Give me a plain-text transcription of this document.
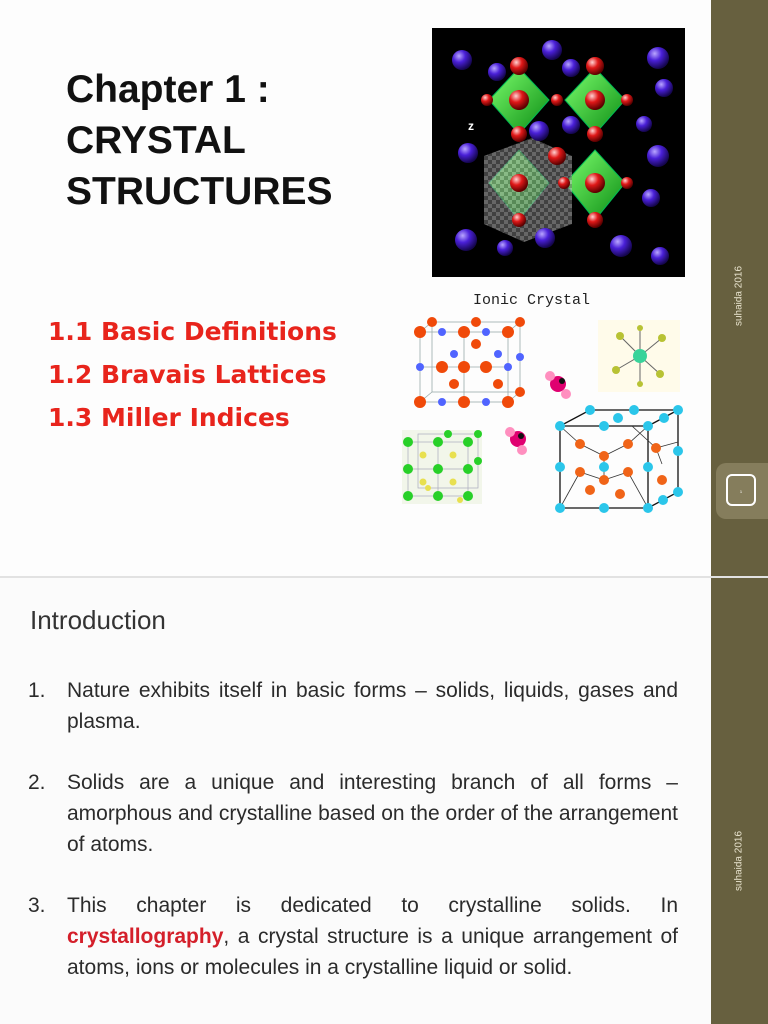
Chapter 1 :
CRYSTAL
STRUCTURES
1.1 Basic Definitions
1.2 Bravais Lattices
1.3 Miller Indices
z
Ionic Crystal	suhaida 2016
1
Introduction
1. Nature exhibits itself in basic forms – solids, liquids, gases and plasma.
2. Solids are a unique and interesting branch of all forms – amorphous and crystalline based on the order of the arrangement of atoms.
3. This chapter is dedicated to crystalline solids. In crystallography, a crystal structure is a unique arrangement of atoms, ions or molecules in a crystalline liquid or solid.
suhaida 2016
